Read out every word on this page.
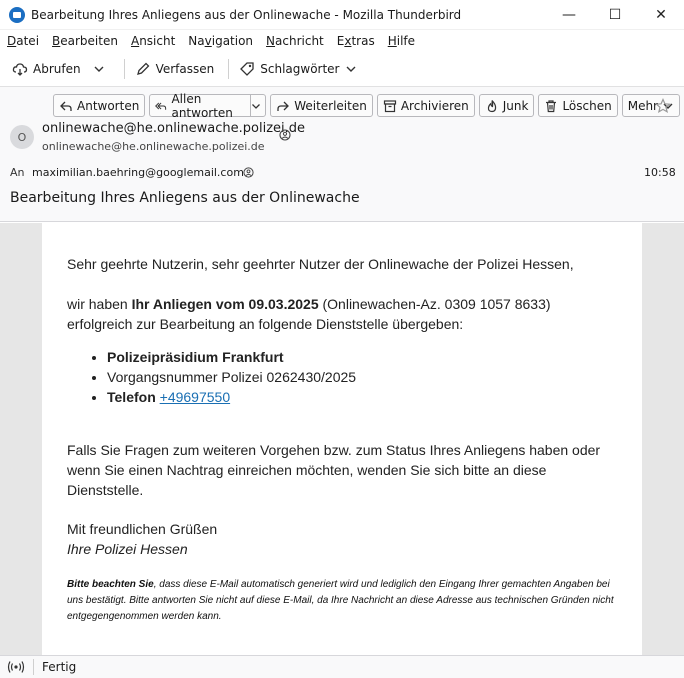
Bearbeitung Ihres Anliegens aus der Onlinewache - Mozilla Thunderbird	—	☐	✕
Datei Bearbeiten Ansicht Navigation Nachricht Extras Hilfe
Abrufen	Verfassen	Schlagwörter
Antworten	Allen antworten	Weiterleiten	Archivieren	Junk	Löschen Mehr
O
onlinewache@he.onlinewache.polizei.de
onlinewache@he.onlinewache.polizei.de
An maximilian.baehring@googlemail.com	10:58
Bearbeitung Ihres Anliegens aus der Onlinewache

Sehr geehrte Nutzerin, sehr geehrter Nutzer der Onlinewache der Polizei Hessen,

wir haben Ihr Anliegen vom 09.03.2025 (Onlinewachen-Az. 0309 1057 8633) erfolgreich zur Bearbeitung an folgende Dienststelle übergeben:

• Polizeipräsidium Frankfurt
• Vorgangsnummer Polizei 0262430/2025
• Telefon +49697550

Falls Sie Fragen zum weiteren Vorgehen bzw. zum Status Ihres Anliegens haben oder wenn Sie einen Nachtrag einreichen möchten, wenden Sie sich bitte an diese Dienststelle.

Mit freundlichen Grüßen
Ihre Polizei Hessen

Bitte beachten Sie, dass diese E-Mail automatisch generiert wird und lediglich den Eingang Ihrer gemachten Angaben bei uns bestätigt. Bitte antworten Sie nicht auf diese E-Mail, da Ihre Nachricht an diese Adresse aus technischen Gründen nicht entgegengenommen werden kann.

Fertig
